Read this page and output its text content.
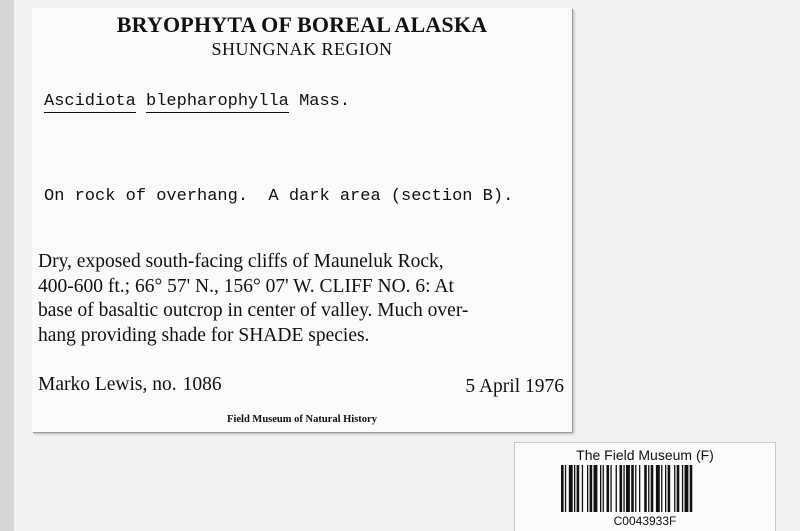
BRYOPHYTA OF BOREAL ALASKA
SHUNGNAK REGION
Ascidiota blepharophylla Mass.
On rock of overhang.  A dark area (section B).
Dry, exposed south-facing cliffs of Mauneluk Rock,
400-600 ft.; 66° 57' N., 156° 07' W. CLIFF NO. 6: At
base of basaltic outcrop in center of valley. Much over-
hang providing shade for SHADE species.
Marko Lewis, no. 1086	5 April 1976
Field Museum of Natural History
The Field Museum (F)
C0043933F
